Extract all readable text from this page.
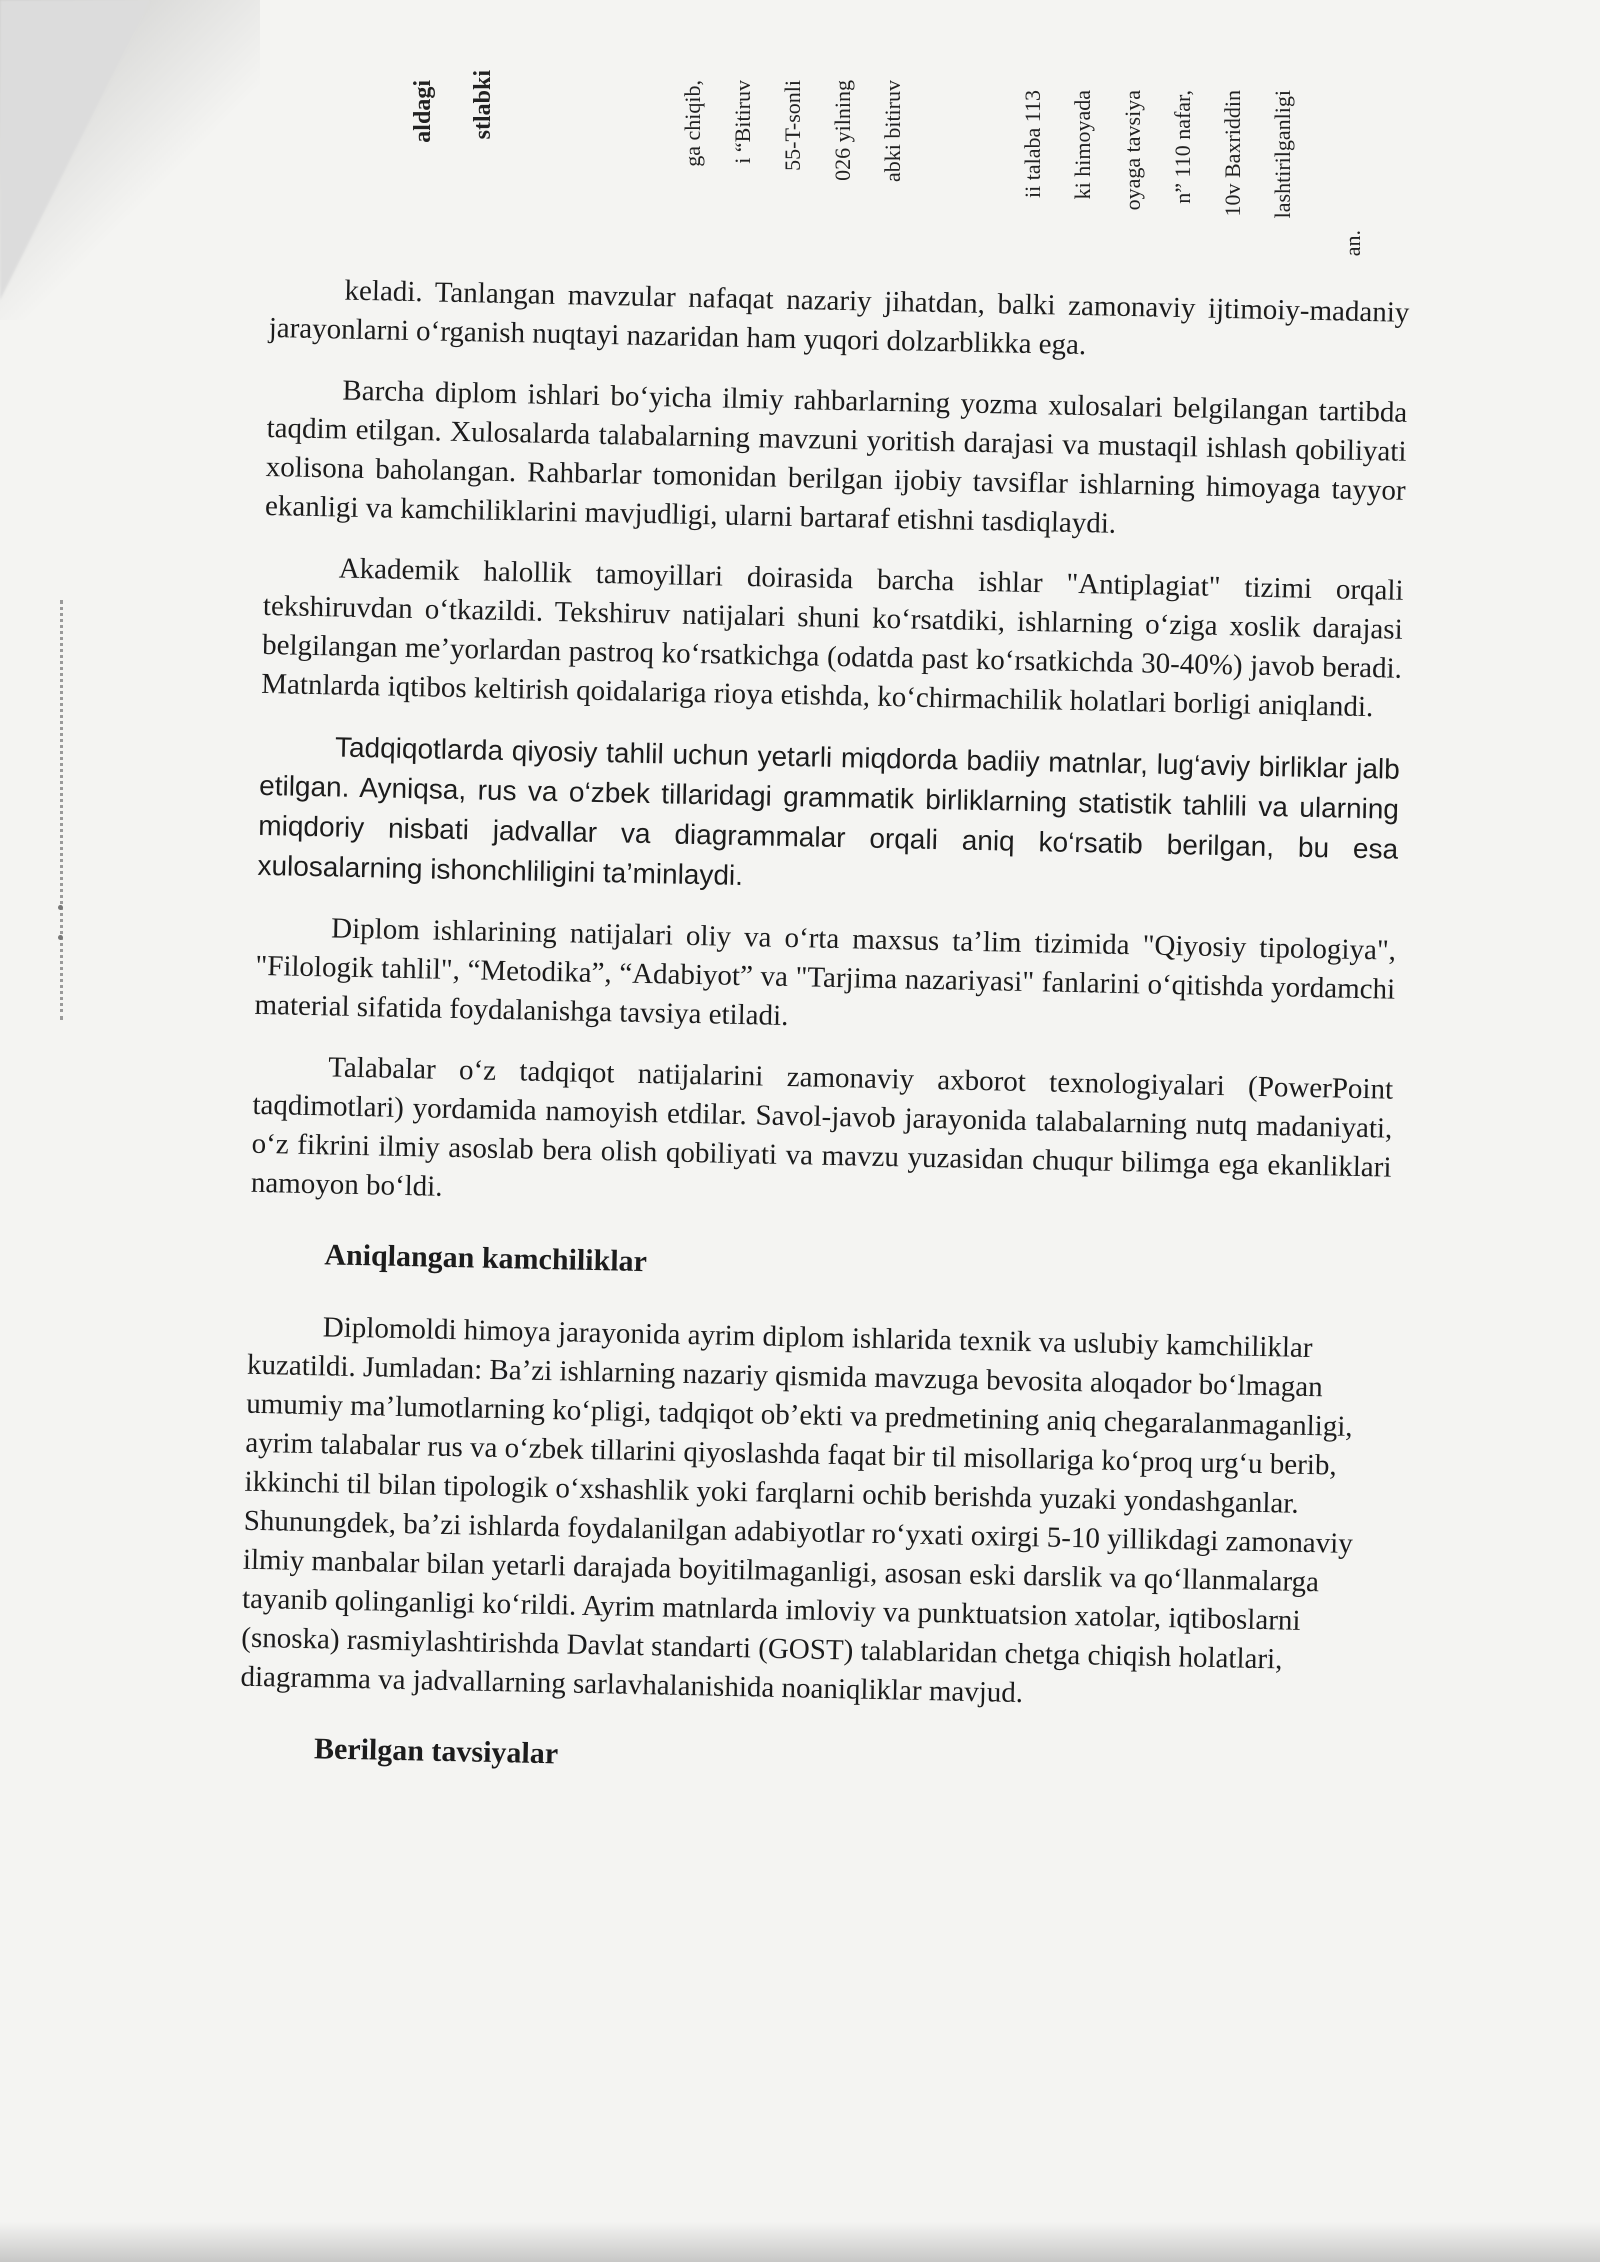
aldagi stlabki	ga chiqib, i “Bitiruv 55-T-sonli 026 yilning abki bitiruv	ii talaba 113 ki himoyada oyaga tavsiya n” 110 nafar, 10v Baxriddin lashtirilganligi
an.

keladi. Tanlangan mavzular nafaqat nazariy jihatdan, balki zamonaviy ijtimoiy-madaniy jarayonlarni o‘rganish nuqtayi nazaridan ham yuqori dolzarblikka ega.

Barcha diplom ishlari bo‘yicha ilmiy rahbarlarning yozma xulosalari belgilangan tartibda taqdim etilgan. Xulosalarda talabalarning mavzuni yoritish darajasi va mustaqil ishlash qobiliyati xolisona baholangan. Rahbarlar tomonidan berilgan ijobiy tavsiflar ishlarning himoyaga tayyor ekanligi va kamchiliklarini mavjudligi, ularni bartaraf etishni tasdiqlaydi.

Akademik halollik tamoyillari doirasida barcha ishlar "Antiplagiat" tizimi orqali tekshiruvdan o‘tkazildi. Tekshiruv natijalari shuni ko‘rsatdiki, ishlarning o‘ziga xoslik darajasi belgilangan me’yorlardan pastroq ko‘rsatkichga (odatda past ko‘rsatkichda 30-40%) javob beradi. Matnlarda iqtibos keltirish qoidalariga rioya etishda, ko‘chirmachilik holatlari borligi aniqlandi.

Tadqiqotlarda qiyosiy tahlil uchun yetarli miqdorda badiiy matnlar, lug‘aviy birliklar jalb etilgan. Ayniqsa, rus va o‘zbek tillaridagi grammatik birliklarning statistik tahlili va ularning miqdoriy nisbati jadvallar va diagrammalar orqali aniq ko‘rsatib berilgan, bu esa xulosalarning ishonchliligini ta’minlaydi.

Diplom ishlarining natijalari oliy va o‘rta maxsus ta’lim tizimida "Qiyosiy tipologiya", "Filologik tahlil", “Metodika”, “Adabiyot” va "Tarjima nazariyasi" fanlarini o‘qitishda yordamchi material sifatida foydalanishga tavsiya etiladi.

Talabalar o‘z tadqiqot natijalarini zamonaviy axborot texnologiyalari (PowerPoint taqdimotlari) yordamida namoyish etdilar. Savol-javob jarayonida talabalarning nutq madaniyati, o‘z fikrini ilmiy asoslab bera olish qobiliyati va mavzu yuzasidan chuqur bilimga ega ekanliklari namoyon bo‘ldi.

Aniqlangan kamchiliklar

Diplomoldi himoya jarayonida ayrim diplom ishlarida texnik va uslubiy kamchiliklar kuzatildi. Jumladan: Ba’zi ishlarning nazariy qismida mavzuga bevosita aloqador bo‘lmagan umumiy ma’lumotlarning ko‘pligi, tadqiqot ob’ekti va predmetining aniq chegaralanmaganligi, ayrim talabalar rus va o‘zbek tillarini qiyoslashda faqat bir til misollariga ko‘proq urg‘u berib, ikkinchi til bilan tipologik o‘xshashlik yoki farqlarni ochib berishda yuzaki yondashganlar. Shunungdek, ba’zi ishlarda foydalanilgan adabiyotlar ro‘yxati oxirgi 5-10 yillikdagi zamonaviy ilmiy manbalar bilan yetarli darajada boyitilmaganligi, asosan eski darslik va qo‘llanmalarga tayanib qolinganligi ko‘rildi. Ayrim matnlarda imloviy va punktuatsion xatolar, iqtiboslarni (snoska) rasmiylashtirishda Davlat standarti (GOST) talablaridan chetga chiqish holatlari, diagramma va jadvallarning sarlavhalanishida noaniqliklar mavjud.

Berilgan tavsiyalar
